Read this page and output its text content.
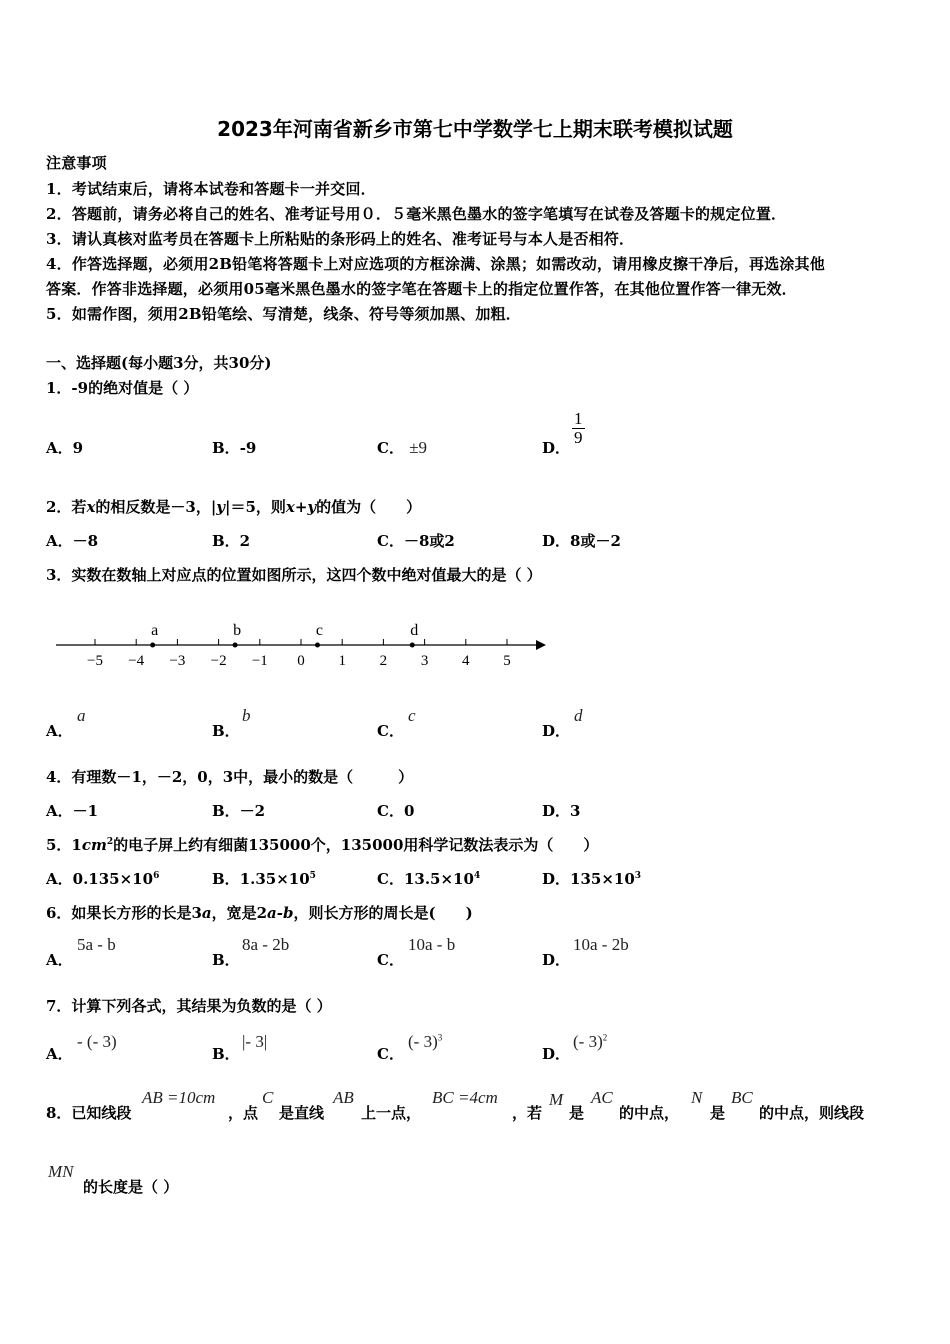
2023年河南省新乡市第七中学数学七上期末联考模拟试题
注意事项
1．考试结束后，请将本试卷和答题卡一并交回．
2．答题前，请务必将自己的姓名、准考证号用０．５毫米黑色墨水的签字笔填写在试卷及答题卡的规定位置．
3．请认真核对监考员在答题卡上所粘贴的条形码上的姓名、准考证号与本人是否相符．
4．作答选择题，必须用2B铅笔将答题卡上对应选项的方框涂满、涂黑；如需改动，请用橡皮擦干净后，再选涂其他
答案．作答非选择题，必须用05毫米黑色墨水的签字笔在答题卡上的指定位置作答，在其他位置作答一律无效．
5．如需作图，须用2B铅笔绘、写清楚，线条、符号等须加黑、加粗．
一、选择题(每小题3分，共30分)
1．-9的绝对值是（ ）
A．9	B．-9	C． ±9	D．
$\frac{1}{9}$
2．若x的相反数是－3，|y|＝5，则x+y的值为（　　）
A．－8	B．2	C．－8或2	D．8或－2
3．实数在数轴上对应点的位置如图所示，这四个数中绝对值最大的是（ ）
−5 −4 −3 −2 −1 0 1 2 3 4 5
a	b	c	d
A．
a
B．
b
C．
c
D．
d
4．有理数－1，－2，0，3中，最小的数是（　　　）
A．－1	B．－2	C．0	D．3
5．$1cm^2$的电子屏上约有细菌135000个，135000用科学记数法表示为（　　）
A．$0.135\times 10^6$	B．$1.35\times 10^5$	C．$13.5\times 10^4$	D．$135\times 10^3$
6．如果长方形的长是3a，宽是2a-b，则长方形的周长是(　　)
A．
5a - b
B．
8a - 2b
C．
10a - b
D．
10a - 2b
7．计算下列各式，其结果为负数的是（ ）
A．
- (- 3)
B．
|- 3|
C．
(- 3)$^3$
D．
(- 3)$^2$
8．已知线段
AB =10cm
，点
C
是直线
AB
上一点，
BC =4cm
，若
M
是
AC
的中点，
N
是
BC
的中点，则线段
MN
的长度是（ ）
